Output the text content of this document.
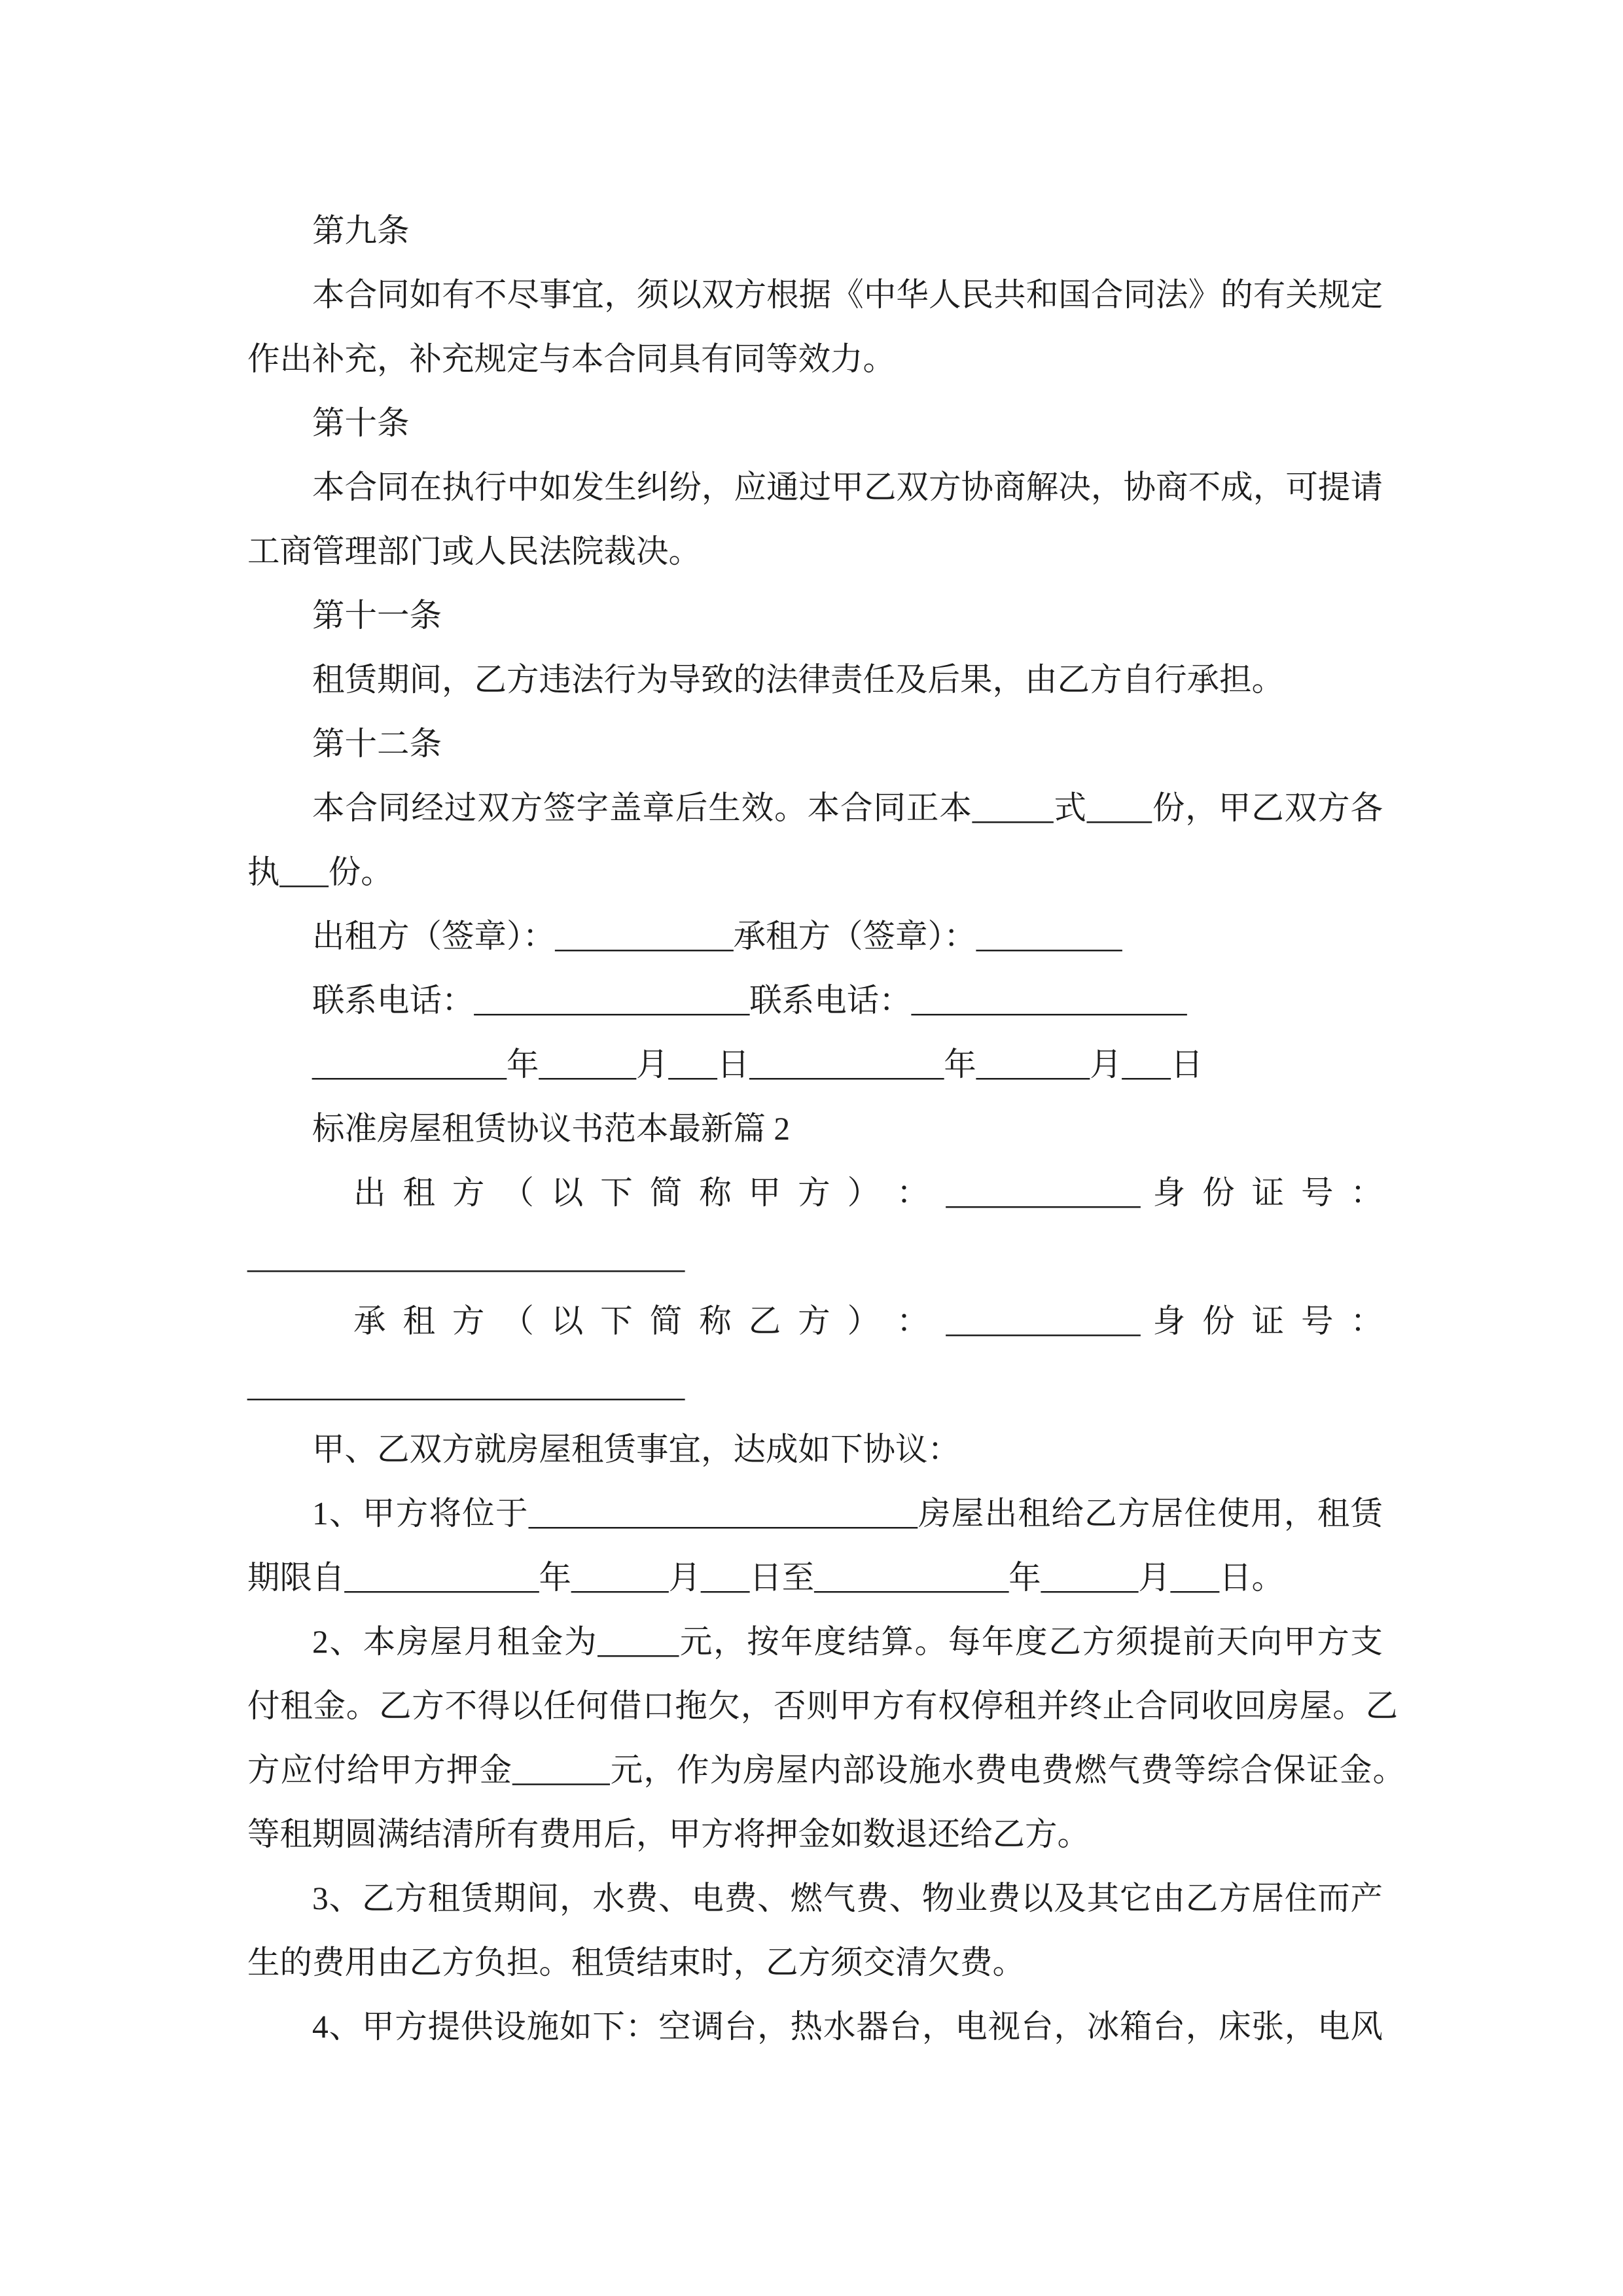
第九条
本合同如有不尽事宜，须以双方根据《中华人民共和国合同法》的有关规定
作出补充，补充规定与本合同具有同等效力。
第十条
本合同在执行中如发生纠纷，应通过甲乙双方协商解决，协商不成，可提请
工商管理部门或人民法院裁决。
第十一条
租赁期间，乙方违法行为导致的法律责任及后果，由乙方自行承担。
第十二条
本合同经过双方签字盖章后生效。本合同正本_____式____份，甲乙双方各
执___份。
出租方（签章）：___________承租方（签章）：_________
联系电话：_________________联系电话：_________________
____________年______月___日____________年_______月___日
标准房屋租赁协议书范本最新篇 2
出 租 方 （ 以 下 简 称 甲 方 ） ： ____________ 身 份 证 号 ：
___________________________
承 租 方 （ 以 下 简 称 乙 方 ） ： ____________ 身 份 证 号 ：
___________________________
甲、乙双方就房屋租赁事宜，达成如下协议：
1、甲方将位于________________________房屋出租给乙方居住使用，租赁
期限自____________年______月___日至____________年______月___日。
2、本房屋月租金为_____元，按年度结算。每年度乙方须提前天向甲方支
付租金。乙方不得以任何借口拖欠，否则甲方有权停租并终止合同收回房屋。乙
方应付给甲方押金______元，作为房屋内部设施水费电费燃气费等综合保证金。
等租期圆满结清所有费用后，甲方将押金如数退还给乙方。
3、乙方租赁期间，水费、电费、燃气费、物业费以及其它由乙方居住而产
生的费用由乙方负担。租赁结束时，乙方须交清欠费。
4、甲方提供设施如下：空调台，热水器台，电视台，冰箱台，床张，电风
